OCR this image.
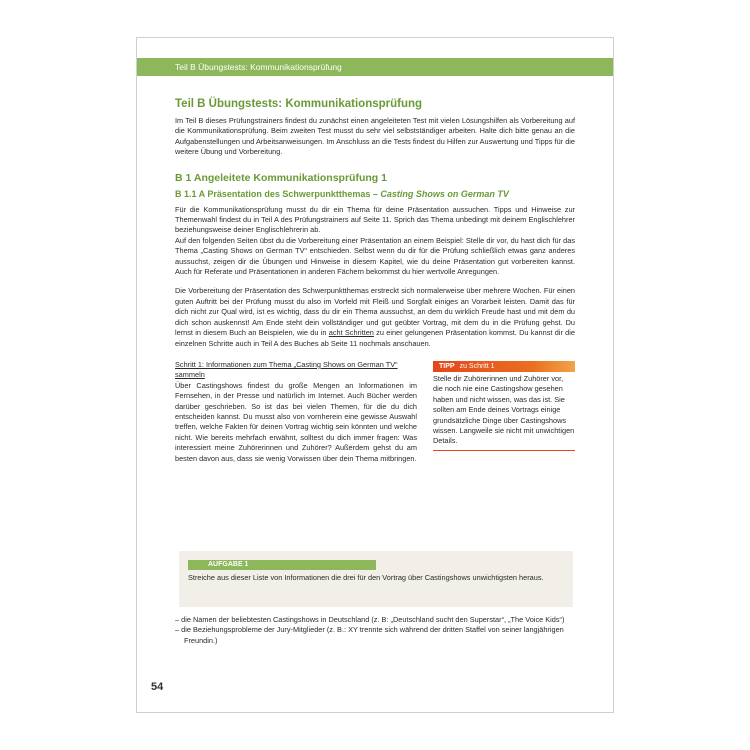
Teil B Übungstests: Kommunikationsprüfung
Teil B Übungstests: Kommunikationsprüfung

Im Teil B dieses Prüfungstrainers findest du zunächst einen angeleiteten Test mit vielen Lösungshilfen als Vorbereitung auf die Kommunikationsprüfung. Beim zweiten Test musst du sehr viel selbstständiger arbeiten. Halte dich bitte genau an die Aufgabenstellungen und Arbeitsanweisungen. Im Anschluss an die Tests findest du Hilfen zur Auswertung und Tipps für die weitere Übung und Vorbereitung.

B 1 Angeleitete Kommunikationsprüfung 1
B 1.1 A Präsentation des Schwerpunktthemas – Casting Shows on German TV

Für die Kommunikationsprüfung musst du dir ein Thema für deine Präsentation aussuchen. Tipps und Hinweise zur Themenwahl findest du in Teil A des Prüfungstrainers auf Seite 11. Sprich das Thema unbedingt mit deinem Englischlehrer beziehungsweise deiner Englischlehrerin ab.

Auf den folgenden Seiten übst du die Vorbereitung einer Präsentation an einem Beispiel: Stelle dir vor, du hast dich für das Thema „Casting Shows on German TV“ entschieden. Selbst wenn du dir für die Prüfung schließlich etwas ganz anderes aussuchst, zeigen dir die Übungen und Hinweise in diesem Kapitel, wie du deine Präsentation gut vorbereiten kannst. Auch für Referate und Präsentationen in anderen Fächern bekommst du hier wertvolle Anregungen.

Die Vorbereitung der Präsentation des Schwerpunktthemas erstreckt sich normalerweise über mehrere Wochen. Für einen guten Auftritt bei der Prüfung musst du also im Vorfeld mit Fleiß und Sorgfalt einiges an Vorarbeit leisten. Damit das für dich nicht zur Qual wird, ist es wichtig, dass du dir ein Thema aussuchst, an dem du wirklich Freude hast und mit dem du dich schon auskennst! Am Ende steht dein vollständiger und gut geübter Vortrag, mit dem du in die Prüfung gehst. Du lernst in diesem Buch an Beispielen, wie du in acht Schritten zu einer gelungenen Präsentation kommst. Du kannst dir die einzelnen Schritte auch in Teil A des Buches ab Seite 11 nochmals anschauen.

Schritt 1: Informationen zum Thema „Casting Shows on German TV“ sammeln

Über Castingshows findest du große Mengen an Informationen im Fernsehen, in der Presse und natürlich im Internet. Auch Bücher werden darüber geschrieben. So ist das bei vielen Themen, für die du dich entscheiden kannst. Du musst also von vornherein eine gewisse Auswahl treffen, welche Fakten für deinen Vortrag wichtig sein könnten und welche nicht. Wie bereits mehrfach erwähnt, solltest du dich immer fragen: Was interessiert meine Zuhörerinnen und Zuhörer? Außerdem gehst du am besten davon aus, dass sie wenig Vorwissen über dein Thema mitbringen.

TIPP zu Schritt 1
Stelle dir Zuhörerinnen und Zuhörer vor, die noch nie eine Castingshow gesehen haben und nicht wissen, was das ist. Sie sollten am Ende deines Vortrags einige grundsätzliche Dinge über Castingshows wissen. Langweile sie nicht mit unwichtigen Details.
AUFGABE 1
Streiche aus dieser Liste von Informationen die drei für den Vortrag über Castingshows unwichtigsten heraus.
– die Namen der beliebtesten Castingshows in Deutschland (z. B: „Deutschland sucht den Superstar“, „The Voice Kids“)
– die Beziehungsprobleme der Jury-Mitglieder (z. B.: XY trennte sich während der dritten Staffel von seiner langjährigen Freundin.)
54
